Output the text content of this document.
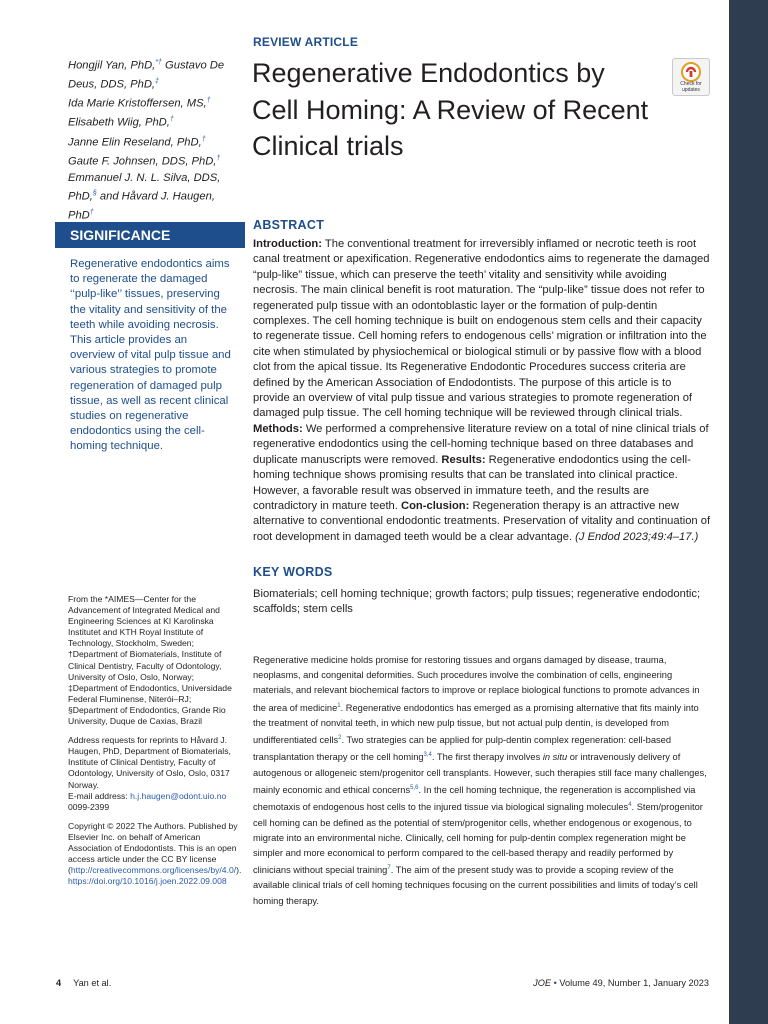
Hongjil Yan, PhD,*† Gustavo De Deus, DDS, PhD,‡
Ida Marie Kristoffersen, MS,†
Elisabeth Wiig, PhD,†
Janne Elin Reseland, PhD,†
Gaute F. Johnsen, DDS, PhD,†
Emmanuel J. N. L. Silva, DDS, PhD,§ and Håvard J. Haugen, PhD†
SIGNIFICANCE
Regenerative endodontics aims to regenerate the damaged ‘‘pulp-like’’ tissues, preserving the vitality and sensitivity of the teeth while avoiding necrosis. This article provides an overview of vital pulp tissue and various strategies to promote regeneration of damaged pulp tissue, as well as recent clinical studies on regenerative endodontics using the cell-homing technique.

From the *AIMES—Center for the Advancement of Integrated Medical and Engineering Sciences at KI Karolinska Institutet and KTH Royal Institute of Technology, Stockholm, Sweden; †Department of Biomaterials, Institute of Clinical Dentistry, Faculty of Odontology, University of Oslo, Oslo, Norway; ‡Department of Endodontics, Universidade Federal Fluminense, Niterói–RJ; §Department of Endodontics, Grande Rio University, Duque de Caxias, Brazil

Address requests for reprints to Håvard J. Haugen, PhD, Department of Biomaterials, Institute of Clinical Dentistry, Faculty of Odontology, University of Oslo, Oslo, 0317 Norway.
E-mail address: h.j.haugen@odont.uio.no
0099-2399

Copyright © 2022 The Authors. Published by Elsevier Inc. on behalf of American Association of Endodontists. This is an open access article under the CC BY license (http://creativecommons.org/licenses/by/4.0/).
https://doi.org/10.1016/j.joen.2022.09.008

REVIEW ARTICLE
Regenerative Endodontics by Cell Homing: A Review of Recent Clinical trials
Check for updates
ABSTRACT
Introduction: The conventional treatment for irreversibly inflamed or necrotic teeth is root canal treatment or apexification. Regenerative endodontics aims to regenerate the damaged “pulp-like” tissue, which can preserve the teeth’ vitality and sensitivity while avoiding necrosis. The main clinical benefit is root maturation. The “pulp-like” tissue does not refer to regenerated pulp tissue with an odontoblastic layer or the formation of pulp-dentin complexes. The cell homing technique is built on endogenous stem cells and their capacity to regenerate tissue. Cell homing refers to endogenous cells’ migration or infiltration into the cite when stimulated by physiochemical or biological stimuli or by passive flow with a blood clot from the apical tissue. Its Regenerative Endodontic Procedures success criteria are defined by the American Association of Endodontists. The purpose of this article is to provide an overview of vital pulp tissue and various strategies to promote regeneration of damaged pulp tissue. The cell homing technique will be reviewed through clinical trials. Methods: We performed a comprehensive literature review on a total of nine clinical trials of regenerative endodontics using the cell-homing technique based on three databases and duplicate manuscripts were removed. Results: Regenerative endodontics using the cell-homing technique shows promising results that can be translated into clinical practice. However, a favorable result was observed in immature teeth, and the results are contradictory in mature teeth. Con-clusion: Regeneration therapy is an attractive new alternative to conventional endodontic treatments. Preservation of vitality and continuation of root development in damaged teeth would be a clear advantage. (J Endod 2023;49:4–17.)
KEY WORDS
Biomaterials; cell homing technique; growth factors; pulp tissues; regenerative endodontic; scaffolds; stem cells
Regenerative medicine holds promise for restoring tissues and organs damaged by disease, trauma, neoplasms, and congenital deformities. Such procedures involve the combination of cells, engineering materials, and relevant biochemical factors to improve or replace biological functions to promote advances in the area of medicine$^1$. Regenerative endodontics has emerged as a promising alternative that fits mainly into the treatment of nonvital teeth, in which new pulp tissue, but not actual pulp dentin, is developed from undifferentiated cells$^2$. Two strategies can be applied for pulp-dentin complex regeneration: cell-based transplantation therapy or the cell homing$^{3,4}$. The first therapy involves in situ or intravenously delivery of autogenous or allogeneic stem/progenitor cell transplants. However, such therapies still face many challenges, mainly economic and ethical concerns$^{5,6}$. In the cell homing technique, the regeneration is accomplished via chemotaxis of endogenous host cells to the injured tissue via biological signaling molecules$^4$. Stem/progenitor cell homing can be defined as the potential of stem/progenitor cells, whether endogenous or exogenous, to migrate into an environmental niche. Clinically, cell homing for pulp-dentin complex regeneration might be simpler and more economical to perform compared to the cell-based therapy and readily performed by clinicians without special training$^7$. The aim of the present study was to provide a scoping review of the available clinical trials of cell homing techniques focusing on the current possibilities and limits of today’s cell homing therapy.
4 Yan et al.	JOE • Volume 49, Number 1, January 2023
